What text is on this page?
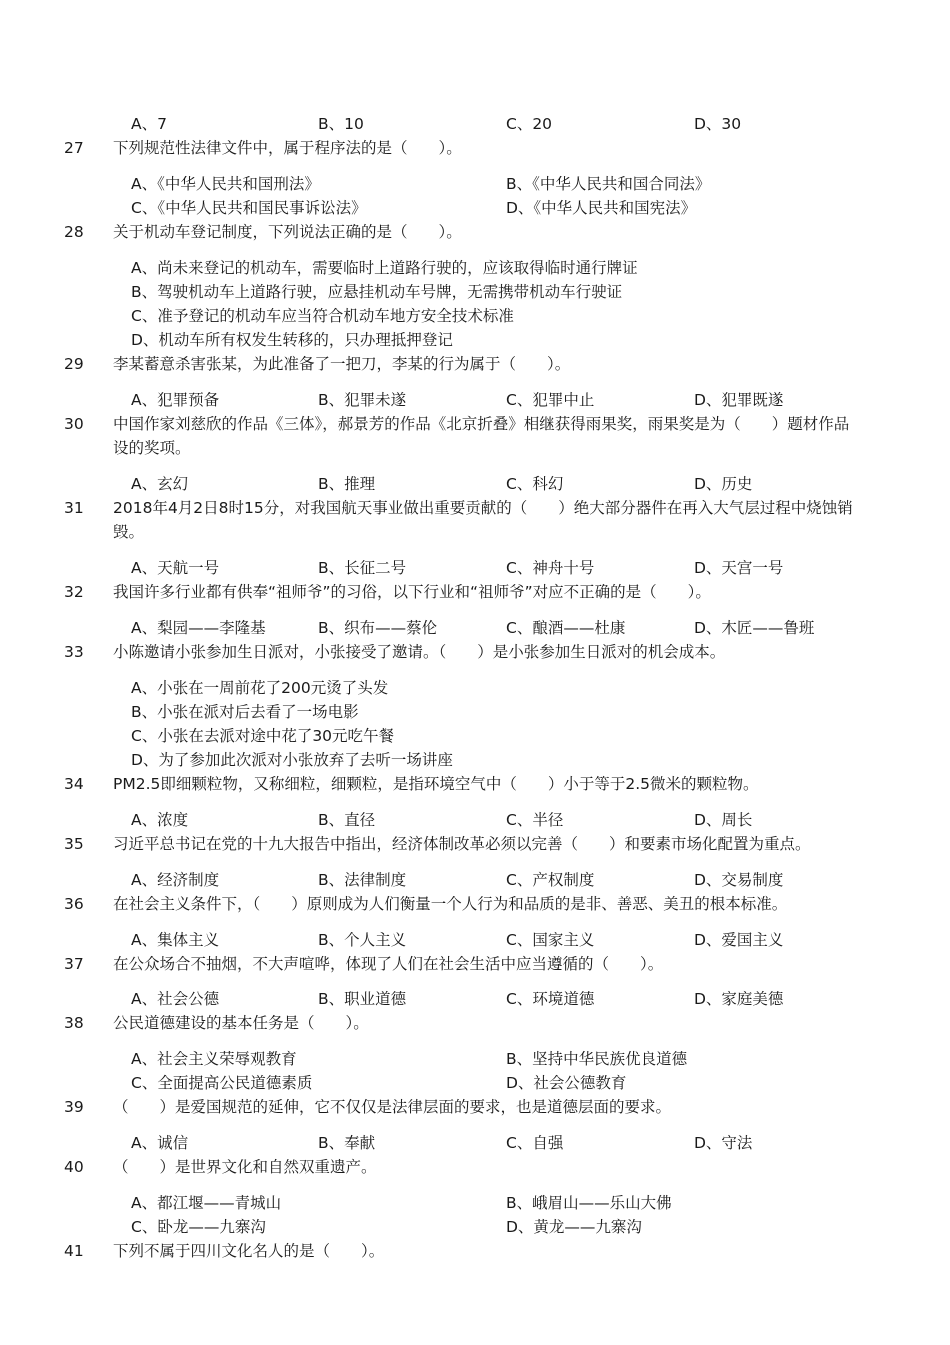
A、7	B、10	C、20	D、30
27 下列规范性法律文件中，属于程序法的是（　　）。
A、《中华人民共和国刑法》	B、《中华人民共和国合同法》
C、《中华人民共和国民事诉讼法》	D、《中华人民共和国宪法》
28 关于机动车登记制度，下列说法正确的是（　　）。
A、尚未来登记的机动车，需要临时上道路行驶的，应该取得临时通行牌证
B、驾驶机动车上道路行驶，应悬挂机动车号牌，无需携带机动车行驶证
C、准予登记的机动车应当符合机动车地方安全技术标准
D、机动车所有权发生转移的，只办理抵押登记
29 李某蓄意杀害张某，为此准备了一把刀，李某的行为属于（　　）。
A、犯罪预备	B、犯罪未遂	C、犯罪中止	D、犯罪既遂
30 中国作家刘慈欣的作品《三体》，郝景芳的作品《北京折叠》相继获得雨果奖，雨果奖是为（　　）题材作品设的奖项。
A、玄幻	B、推理	C、科幻	D、历史
31 2018年4月2日8时15分，对我国航天事业做出重要贡献的（　　）绝大部分器件在再入大气层过程中烧蚀销毁。
A、天航一号	B、长征二号	C、神舟十号	D、天宫一号
32 我国许多行业都有供奉“祖师爷”的习俗，以下行业和“祖师爷”对应不正确的是（　　）。
A、梨园——李隆基	B、织布——蔡伦	C、酿酒——杜康	D、木匠——鲁班
33 小陈邀请小张参加生日派对，小张接受了邀请。（　　）是小张参加生日派对的机会成本。
A、小张在一周前花了200元烫了头发
B、小张在派对后去看了一场电影
C、小张在去派对途中花了30元吃午餐
D、为了参加此次派对小张放弃了去听一场讲座
34 PM2.5即细颗粒物，又称细粒，细颗粒，是指环境空气中（　　）小于等于2.5微米的颗粒物。
A、浓度	B、直径	C、半径	D、周长
35 习近平总书记在党的十九大报告中指出，经济体制改革必须以完善（　　）和要素市场化配置为重点。
A、经济制度	B、法律制度	C、产权制度	D、交易制度
36 在社会主义条件下，（　　）原则成为人们衡量一个人行为和品质的是非、善恶、美丑的根本标准。
A、集体主义	B、个人主义	C、国家主义	D、爱国主义
37 在公众场合不抽烟，不大声喧哗，体现了人们在社会生活中应当遵循的（　　）。
A、社会公德	B、职业道德	C、环境道德	D、家庭美德
38 公民道德建设的基本任务是（　　）。
A、社会主义荣辱观教育	B、坚持中华民族优良道德
C、全面提高公民道德素质	D、社会公德教育
39 （　　）是爱国规范的延伸，它不仅仅是法律层面的要求，也是道德层面的要求。
A、诚信	B、奉献	C、自强	D、守法
40 （　　）是世界文化和自然双重遗产。
A、都江堰——青城山	B、峨眉山——乐山大佛
C、卧龙——九寨沟	D、黄龙——九寨沟
41 下列不属于四川文化名人的是（　　）。
